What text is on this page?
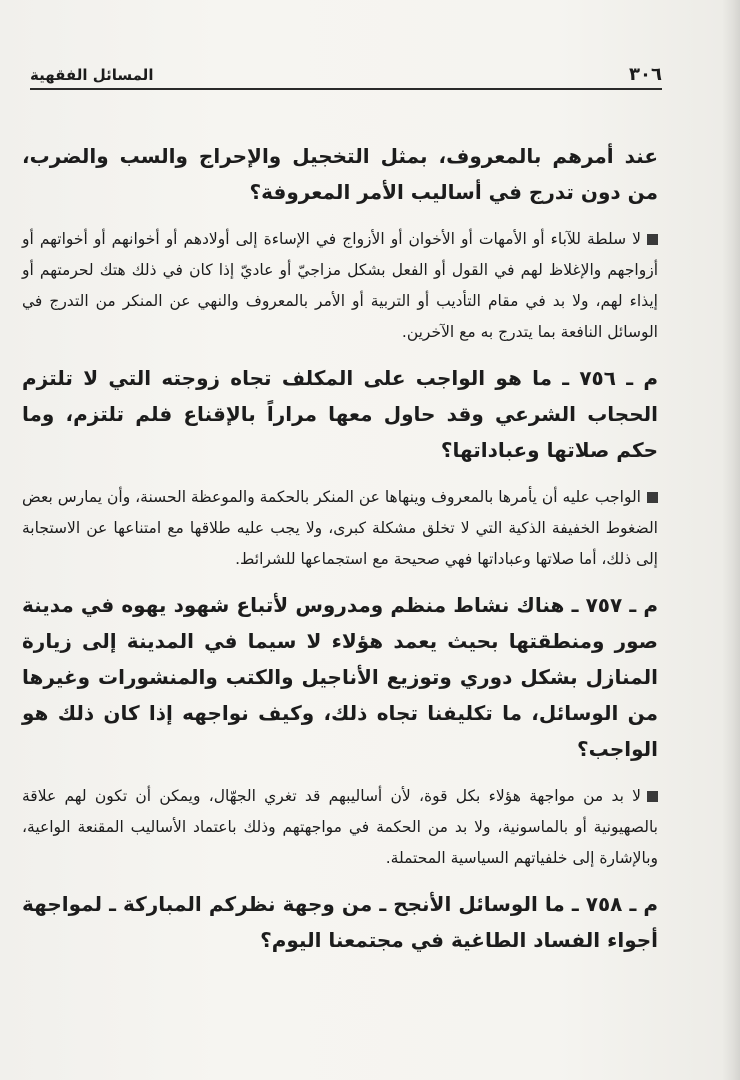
٣٠٦
المسائل الفقهية

عند أمرهم بالمعروف، بمثل التخجيل والإحراج والسب والضرب، من دون تدرج في أساليب الأمر المعروفة؟

لا سلطة للآباء أو الأمهات أو الأخوان أو الأزواج في الإساءة إلى أولادهم أو أخوانهم أو أخواتهم أو أزواجهم والإغلاظ لهم في القول أو الفعل بشكل مزاجيّ أو عاديّ إذا كان في ذلك هتك لحرمتهم أو إيذاء لهم، ولا بد في مقام التأديب أو التربية أو الأمر بالمعروف والنهي عن المنكر من التدرج في الوسائل النافعة بما يتدرج به مع الآخرين.

م ـ ٧٥٦ ـ ما هو الواجب على المكلف تجاه زوجته التي لا تلتزم الحجاب الشرعي وقد حاول معها مراراً بالإقناع فلم تلتزم، وما حكم صلاتها وعباداتها؟

الواجب عليه أن يأمرها بالمعروف وينهاها عن المنكر بالحكمة والموعظة الحسنة، وأن يمارس بعض الضغوط الخفيفة الذكية التي لا تخلق مشكلة كبرى، ولا يجب عليه طلاقها مع امتناعها عن الاستجابة إلى ذلك، أما صلاتها وعباداتها فهي صحيحة مع استجماعها للشرائط.

م ـ ٧٥٧ ـ هناك نشاط منظم ومدروس لأتباع شهود يهوه في مدينة صور ومنطقتها بحيث يعمد هؤلاء لا سيما في المدينة إلى زيارة المنازل بشكل دوري وتوزيع الأناجيل والكتب والمنشورات وغيرها من الوسائل، ما تكليفنا تجاه ذلك، وكيف نواجهه إذا كان ذلك هو الواجب؟

لا بد من مواجهة هؤلاء بكل قوة، لأن أساليبهم قد تغري الجهّال، ويمكن أن تكون لهم علاقة بالصهيونية أو بالماسونية، ولا بد من الحكمة في مواجهتهم وذلك باعتماد الأساليب المقنعة الواعية، وبالإشارة إلى خلفياتهم السياسية المحتملة.

م ـ ٧٥٨ ـ ما الوسائل الأنجح ـ من وجهة نظركم المباركة ـ لمواجهة أجواء الفساد الطاغية في مجتمعنا اليوم؟
